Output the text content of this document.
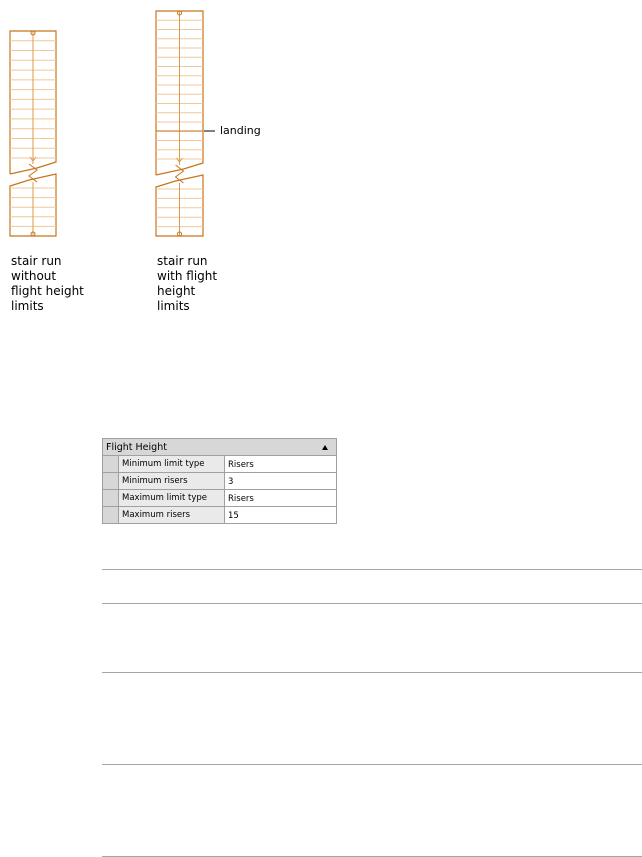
landing
stair run
without
flight height
limits
stair run
with flight
height
limits
Flight Height
Minimum limit type	Risers
Minimum risers	3
Maximum limit type	Risers
Maximum risers	15
